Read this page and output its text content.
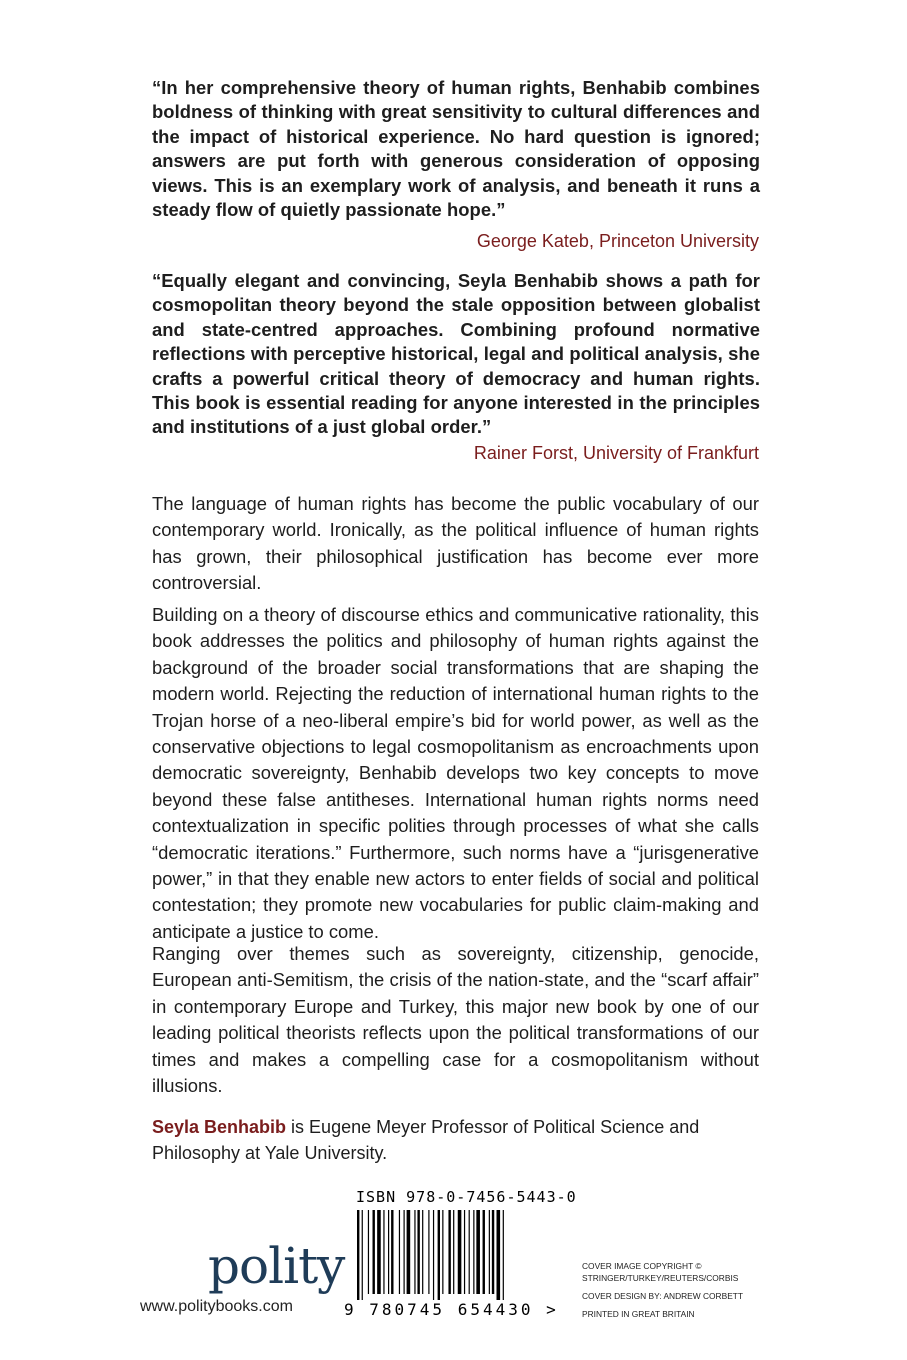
“In her comprehensive theory of human rights, Benhabib combines boldness of thinking with great sensitivity to cultural differences and the impact of historical experience. No hard question is ignored; answers are put forth with generous consideration of opposing views. This is an exemplary work of analysis, and beneath it runs a steady flow of quietly passionate hope.”
George Kateb, Princeton University
“Equally elegant and convincing, Seyla Benhabib shows a path for cosmopolitan theory beyond the stale opposition between globalist and state-centred approaches. Combining profound normative reflections with perceptive historical, legal and political analysis, she crafts a powerful critical theory of democracy and human rights. This book is essential reading for anyone interested in the principles and institutions of a just global order.”
Rainer Forst, University of Frankfurt
The language of human rights has become the public vocabulary of our contemporary world. Ironically, as the political influence of human rights has grown, their philosophical justification has become ever more controversial.
Building on a theory of discourse ethics and communicative rationality, this book addresses the politics and philosophy of human rights against the background of the broader social transformations that are shaping the modern world. Rejecting the reduction of international human rights to the Trojan horse of a neo-liberal empire’s bid for world power, as well as the conservative objections to legal cosmopolitanism as encroachments upon democratic sovereignty, Benhabib develops two key concepts to move beyond these false antitheses. International human rights norms need contextualization in specific polities through processes of what she calls “democratic iterations.” Furthermore, such norms have a “jurisgenerative power,” in that they enable new actors to enter fields of social and political contestation; they promote new vocabularies for public claim-making and anticipate a justice to come.
Ranging over themes such as sovereignty, citizenship, genocide, European anti-Semitism, the crisis of the nation-state, and the “scarf affair” in contemporary Europe and Turkey, this major new book by one of our leading political theorists reflects upon the political transformations of our times and makes a compelling case for a cosmopolitanism without illusions.
Seyla Benhabib is Eugene Meyer Professor of Political Science and Philosophy at Yale University.
polity
www.politybooks.com
ISBN 978-0-7456-5443-0
9 780745 654430 >
COVER IMAGE COPYRIGHT © STRINGER/TURKEY/REUTERS/CORBIS
COVER DESIGN BY: ANDREW CORBETT
PRINTED IN GREAT BRITAIN
